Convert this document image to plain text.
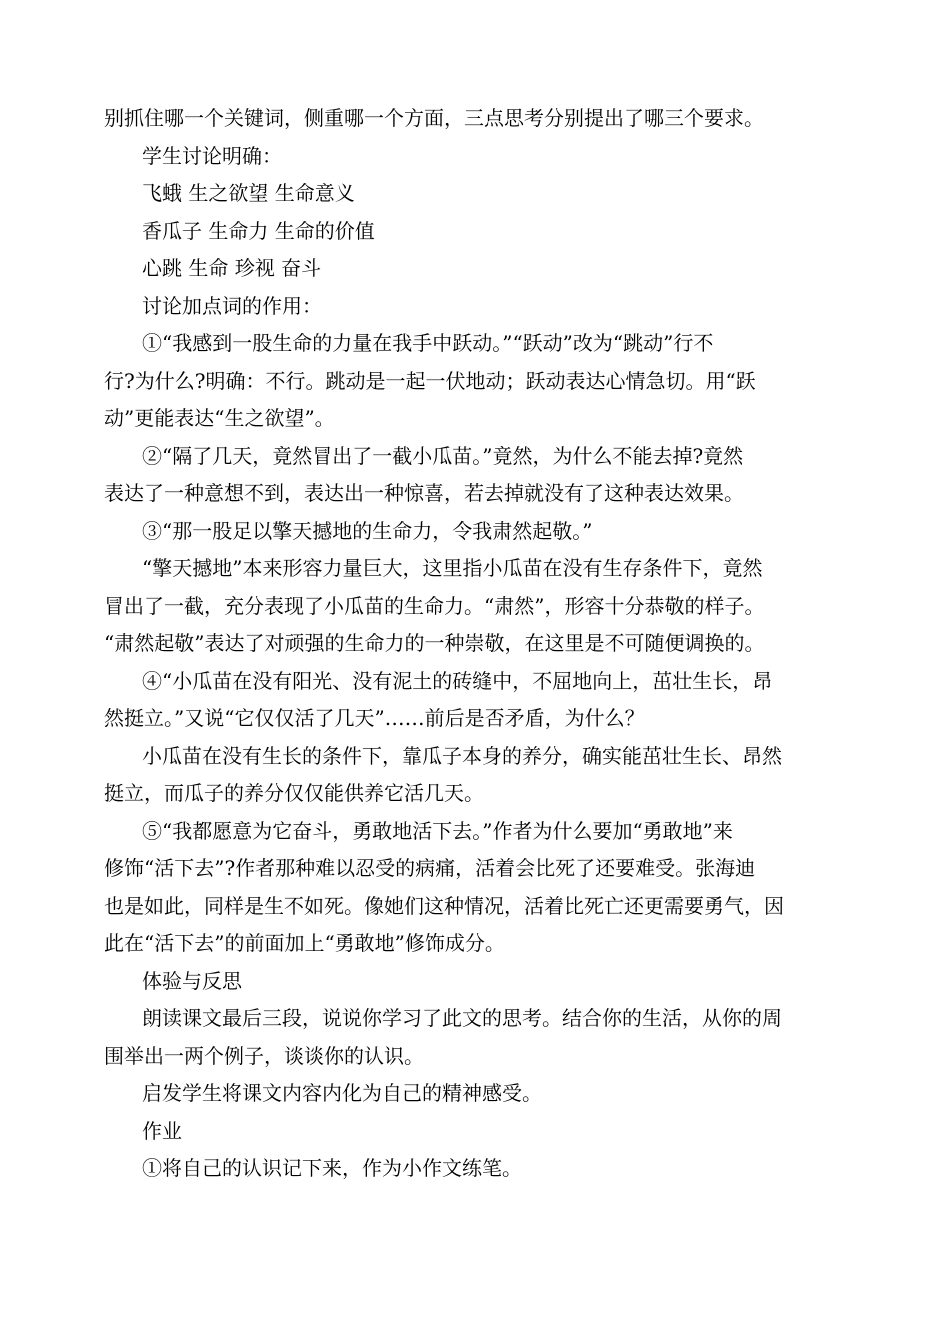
别抓住哪一个关键词，侧重哪一个方面，三点思考分别提出了哪三个要求。
学生讨论明确：
飞蛾 生之欲望 生命意义
香瓜子 生命力 生命的价值
心跳 生命 珍视 奋斗
讨论加点词的作用：
①“我感到一股生命的力量在我手中跃动。”“跃动”改为“跳动”行不
行?为什么?明确：不行。跳动是一起一伏地动；跃动表达心情急切。用“跃
动”更能表达“生之欲望”。
②“隔了几天，竟然冒出了一截小瓜苗。”竟然，为什么不能去掉?竟然
表达了一种意想不到，表达出一种惊喜，若去掉就没有了这种表达效果。
③“那一股足以擎天撼地的生命力，令我肃然起敬。”
“擎天撼地”本来形容力量巨大，这里指小瓜苗在没有生存条件下，竟然
冒出了一截，充分表现了小瓜苗的生命力。“肃然”，形容十分恭敬的样子。
“肃然起敬”表达了对顽强的生命力的一种崇敬，在这里是不可随便调换的。
④“小瓜苗在没有阳光、没有泥土的砖缝中，不屈地向上，茁壮生长，昂
然挺立。”又说“它仅仅活了几天”……前后是否矛盾，为什么？
小瓜苗在没有生长的条件下，靠瓜子本身的养分，确实能茁壮生长、昂然
挺立，而瓜子的养分仅仅能供养它活几天。
⑤“我都愿意为它奋斗，勇敢地活下去。”作者为什么要加“勇敢地”来
修饰“活下去”?作者那种难以忍受的病痛，活着会比死了还要难受。张海迪
也是如此，同样是生不如死。像她们这种情况，活着比死亡还更需要勇气，因
此在“活下去”的前面加上“勇敢地”修饰成分。
体验与反思
朗读课文最后三段，说说你学习了此文的思考。结合你的生活，从你的周
围举出一两个例子，谈谈你的认识。
启发学生将课文内容内化为自己的精神感受。
作业
①将自己的认识记下来，作为小作文练笔。
